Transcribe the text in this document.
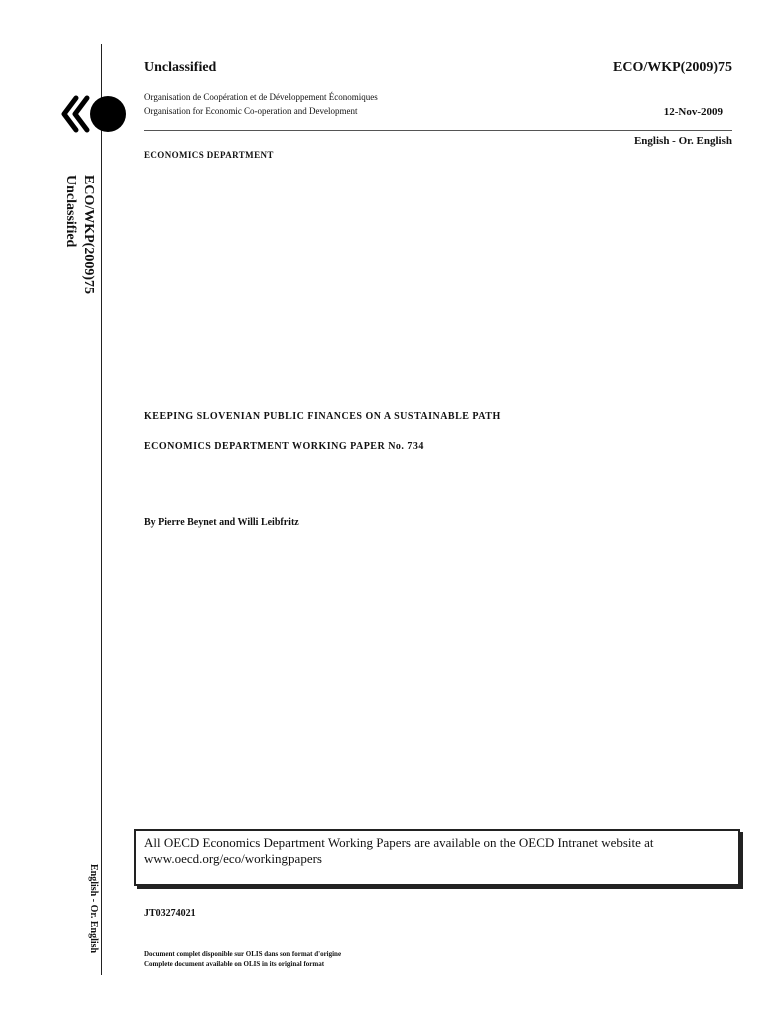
ECO/WKP(2009)75
Unclassified
English - Or. English
Unclassified	ECO/WKP(2009)75
Organisation de Coopération et de Développement Économiques
Organisation for Economic Co-operation and Development	12-Nov-2009
English - Or. English
ECONOMICS DEPARTMENT
KEEPING SLOVENIAN PUBLIC FINANCES ON A SUSTAINABLE PATH
ECONOMICS DEPARTMENT WORKING PAPER No. 734
By Pierre Beynet and Willi Leibfritz
All OECD Economics Department Working Papers are available on the OECD Intranet website at www.oecd.org/eco/workingpapers
JT03274021
Document complet disponible sur OLIS dans son format d'origine
Complete document available on OLIS in its original format
